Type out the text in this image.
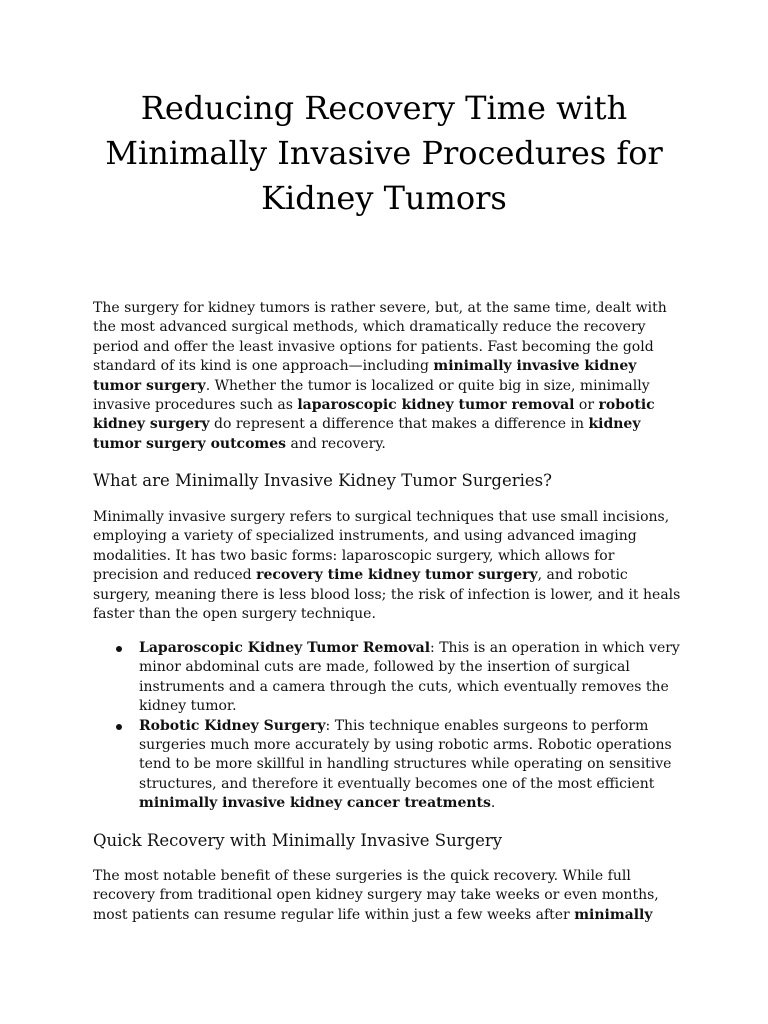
Reducing Recovery Time with Minimally Invasive Procedures for Kidney Tumors

The surgery for kidney tumors is rather severe, but, at the same time, dealt with the most advanced surgical methods, which dramatically reduce the recovery period and offer the least invasive options for patients. Fast becoming the gold standard of its kind is one approach—including minimally invasive kidney tumor surgery. Whether the tumor is localized or quite big in size, minimally invasive procedures such as laparoscopic kidney tumor removal or robotic kidney surgery do represent a difference that makes a difference in kidney tumor surgery outcomes and recovery.

What are Minimally Invasive Kidney Tumor Surgeries?

Minimally invasive surgery refers to surgical techniques that use small incisions, employing a variety of specialized instruments, and using advanced imaging modalities. It has two basic forms: laparoscopic surgery, which allows for precision and reduced recovery time kidney tumor surgery, and robotic surgery, meaning there is less blood loss; the risk of infection is lower, and it heals faster than the open surgery technique.

Laparoscopic Kidney Tumor Removal: This is an operation in which very minor abdominal cuts are made, followed by the insertion of surgical instruments and a camera through the cuts, which eventually removes the kidney tumor.
Robotic Kidney Surgery: This technique enables surgeons to perform surgeries much more accurately by using robotic arms. Robotic operations tend to be more skillful in handling structures while operating on sensitive structures, and therefore it eventually becomes one of the most efficient minimally invasive kidney cancer treatments.
Quick Recovery with Minimally Invasive Surgery

The most notable benefit of these surgeries is the quick recovery. While full recovery from traditional open kidney surgery may take weeks or even months, most patients can resume regular life within just a few weeks after minimally
